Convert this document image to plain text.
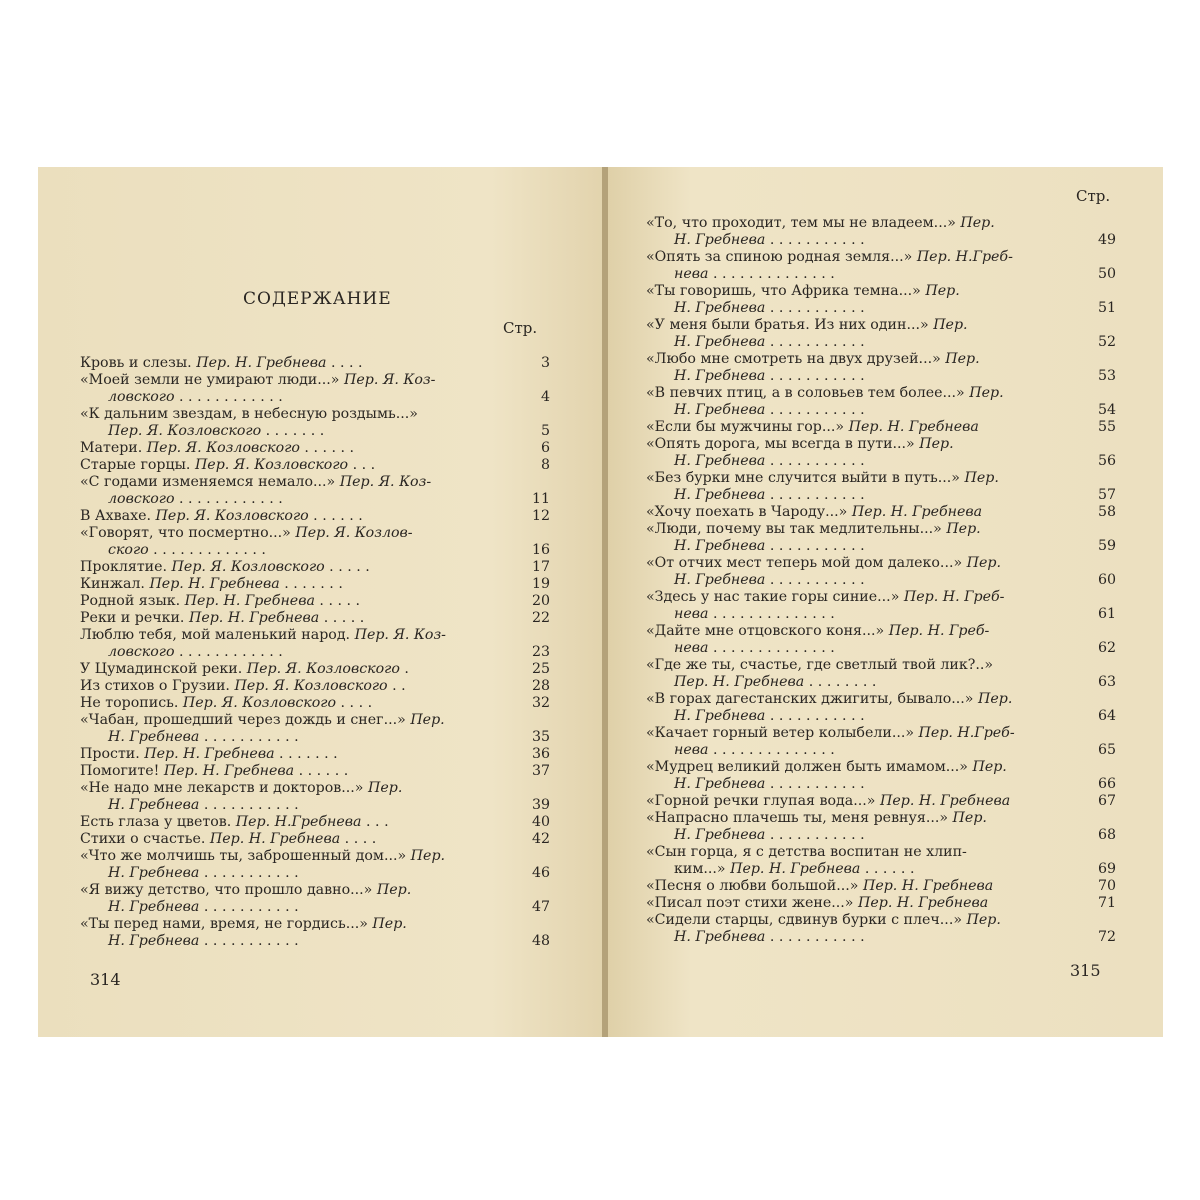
СОДЕРЖАНИЕ
Стр.
Кровь и слезы. Пер. Н. Гребнева . . . .	3
«Моей земли не умирают люди...» Пер. Я. Коз-
ловского . . . . . . . . . . . .	4
«К дальним звездам, в небесную роздымь...»
Пер. Я. Козловского . . . . . . .	5
Матери. Пер. Я. Козловского . . . . . .	6
Старые горцы. Пер. Я. Козловского . . .	8
«С годами изменяемся немало...» Пер. Я. Коз-
ловского . . . . . . . . . . . .	11
В Ахвахе. Пер. Я. Козловского . . . . . .	12
«Говорят, что посмертно...» Пер. Я. Козлов-
ского . . . . . . . . . . . . .	16
Проклятие. Пер. Я. Козловского . . . . .	17
Кинжал. Пер. Н. Гребнева . . . . . . .	19
Родной язык. Пер. Н. Гребнева . . . . .	20
Реки и речки. Пер. Н. Гребнева . . . . .	22
Люблю тебя, мой маленький народ. Пер. Я. Коз-
ловского . . . . . . . . . . . .	23
У Цумадинской реки. Пер. Я. Козловского .	25
Из стихов о Грузии. Пер. Я. Козловского . .	28
Не торопись. Пер. Я. Козловского . . . .	32
«Чабан, прошедший через дождь и снег...» Пер.
Н. Гребнева . . . . . . . . . . .	35
Прости. Пер. Н. Гребнева . . . . . . .	36
Помогите! Пер. Н. Гребнева . . . . . .	37
«Не надо мне лекарств и докторов...» Пер.
Н. Гребнева . . . . . . . . . . .	39
Есть глаза у цветов. Пер. Н.Гребнева . . .	40
Стихи о счастье. Пер. Н. Гребнева . . . .	42
«Что же молчишь ты, заброшенный дом...» Пер.
Н. Гребнева . . . . . . . . . . .	46
«Я вижу детство, что прошло давно...» Пер.
Н. Гребнева . . . . . . . . . . .	47
«Ты перед нами, время, не гордись...» Пер.
Н. Гребнева . . . . . . . . . . .	48
314
Стр.
«То, что проходит, тем мы не владеем...» Пер.
Н. Гребнева . . . . . . . . . . .	49
«Опять за спиною родная земля...» Пер. Н.Греб-
нева . . . . . . . . . . . . . .	50
«Ты говоришь, что Африка темна...» Пер.
Н. Гребнева . . . . . . . . . . .	51
«У меня были братья. Из них один...» Пер.
Н. Гребнева . . . . . . . . . . .	52
«Любо мне смотреть на двух друзей...» Пер.
Н. Гребнева . . . . . . . . . . .	53
«В певчих птиц, а в соловьев тем более...» Пер.
Н. Гребнева . . . . . . . . . . .	54
«Если бы мужчины гор...» Пер. Н. Гребнева	55
«Опять дорога, мы всегда в пути...» Пер.
Н. Гребнева . . . . . . . . . . .	56
«Без бурки мне случится выйти в путь...» Пер.
Н. Гребнева . . . . . . . . . . .	57
«Хочу поехать в Чароду...» Пер. Н. Гребнева	58
«Люди, почему вы так медлительны...» Пер.
Н. Гребнева . . . . . . . . . . .	59
«От отчих мест теперь мой дом далеко...» Пер.
Н. Гребнева . . . . . . . . . . .	60
«Здесь у нас такие горы синие...» Пер. Н. Греб-
нева . . . . . . . . . . . . . .	61
«Дайте мне отцовского коня...» Пер. Н. Греб-
нева . . . . . . . . . . . . . .	62
«Где же ты, счастье, где светлый твой лик?..»
Пер. Н. Гребнева . . . . . . . .	63
«В горах дагестанских джигиты, бывало...» Пер.
Н. Гребнева . . . . . . . . . . .	64
«Качает горный ветер колыбели...» Пер. Н.Греб-
нева . . . . . . . . . . . . . .	65
«Мудрец великий должен быть имамом...» Пер.
Н. Гребнева . . . . . . . . . . .	66
«Горной речки глупая вода...» Пер. Н. Гребнева	67
«Напрасно плачешь ты, меня ревнуя...» Пер.
Н. Гребнева . . . . . . . . . . .	68
«Сын горца, я с детства воспитан не хлип-
ким...» Пер. Н. Гребнева . . . . . .	69
«Песня о любви большой...» Пер. Н. Гребнева	70
«Писал поэт стихи жене...» Пер. Н. Гребнева	71
«Сидели старцы, сдвинув бурки с плеч...» Пер.
Н. Гребнева . . . . . . . . . . .	72
315
